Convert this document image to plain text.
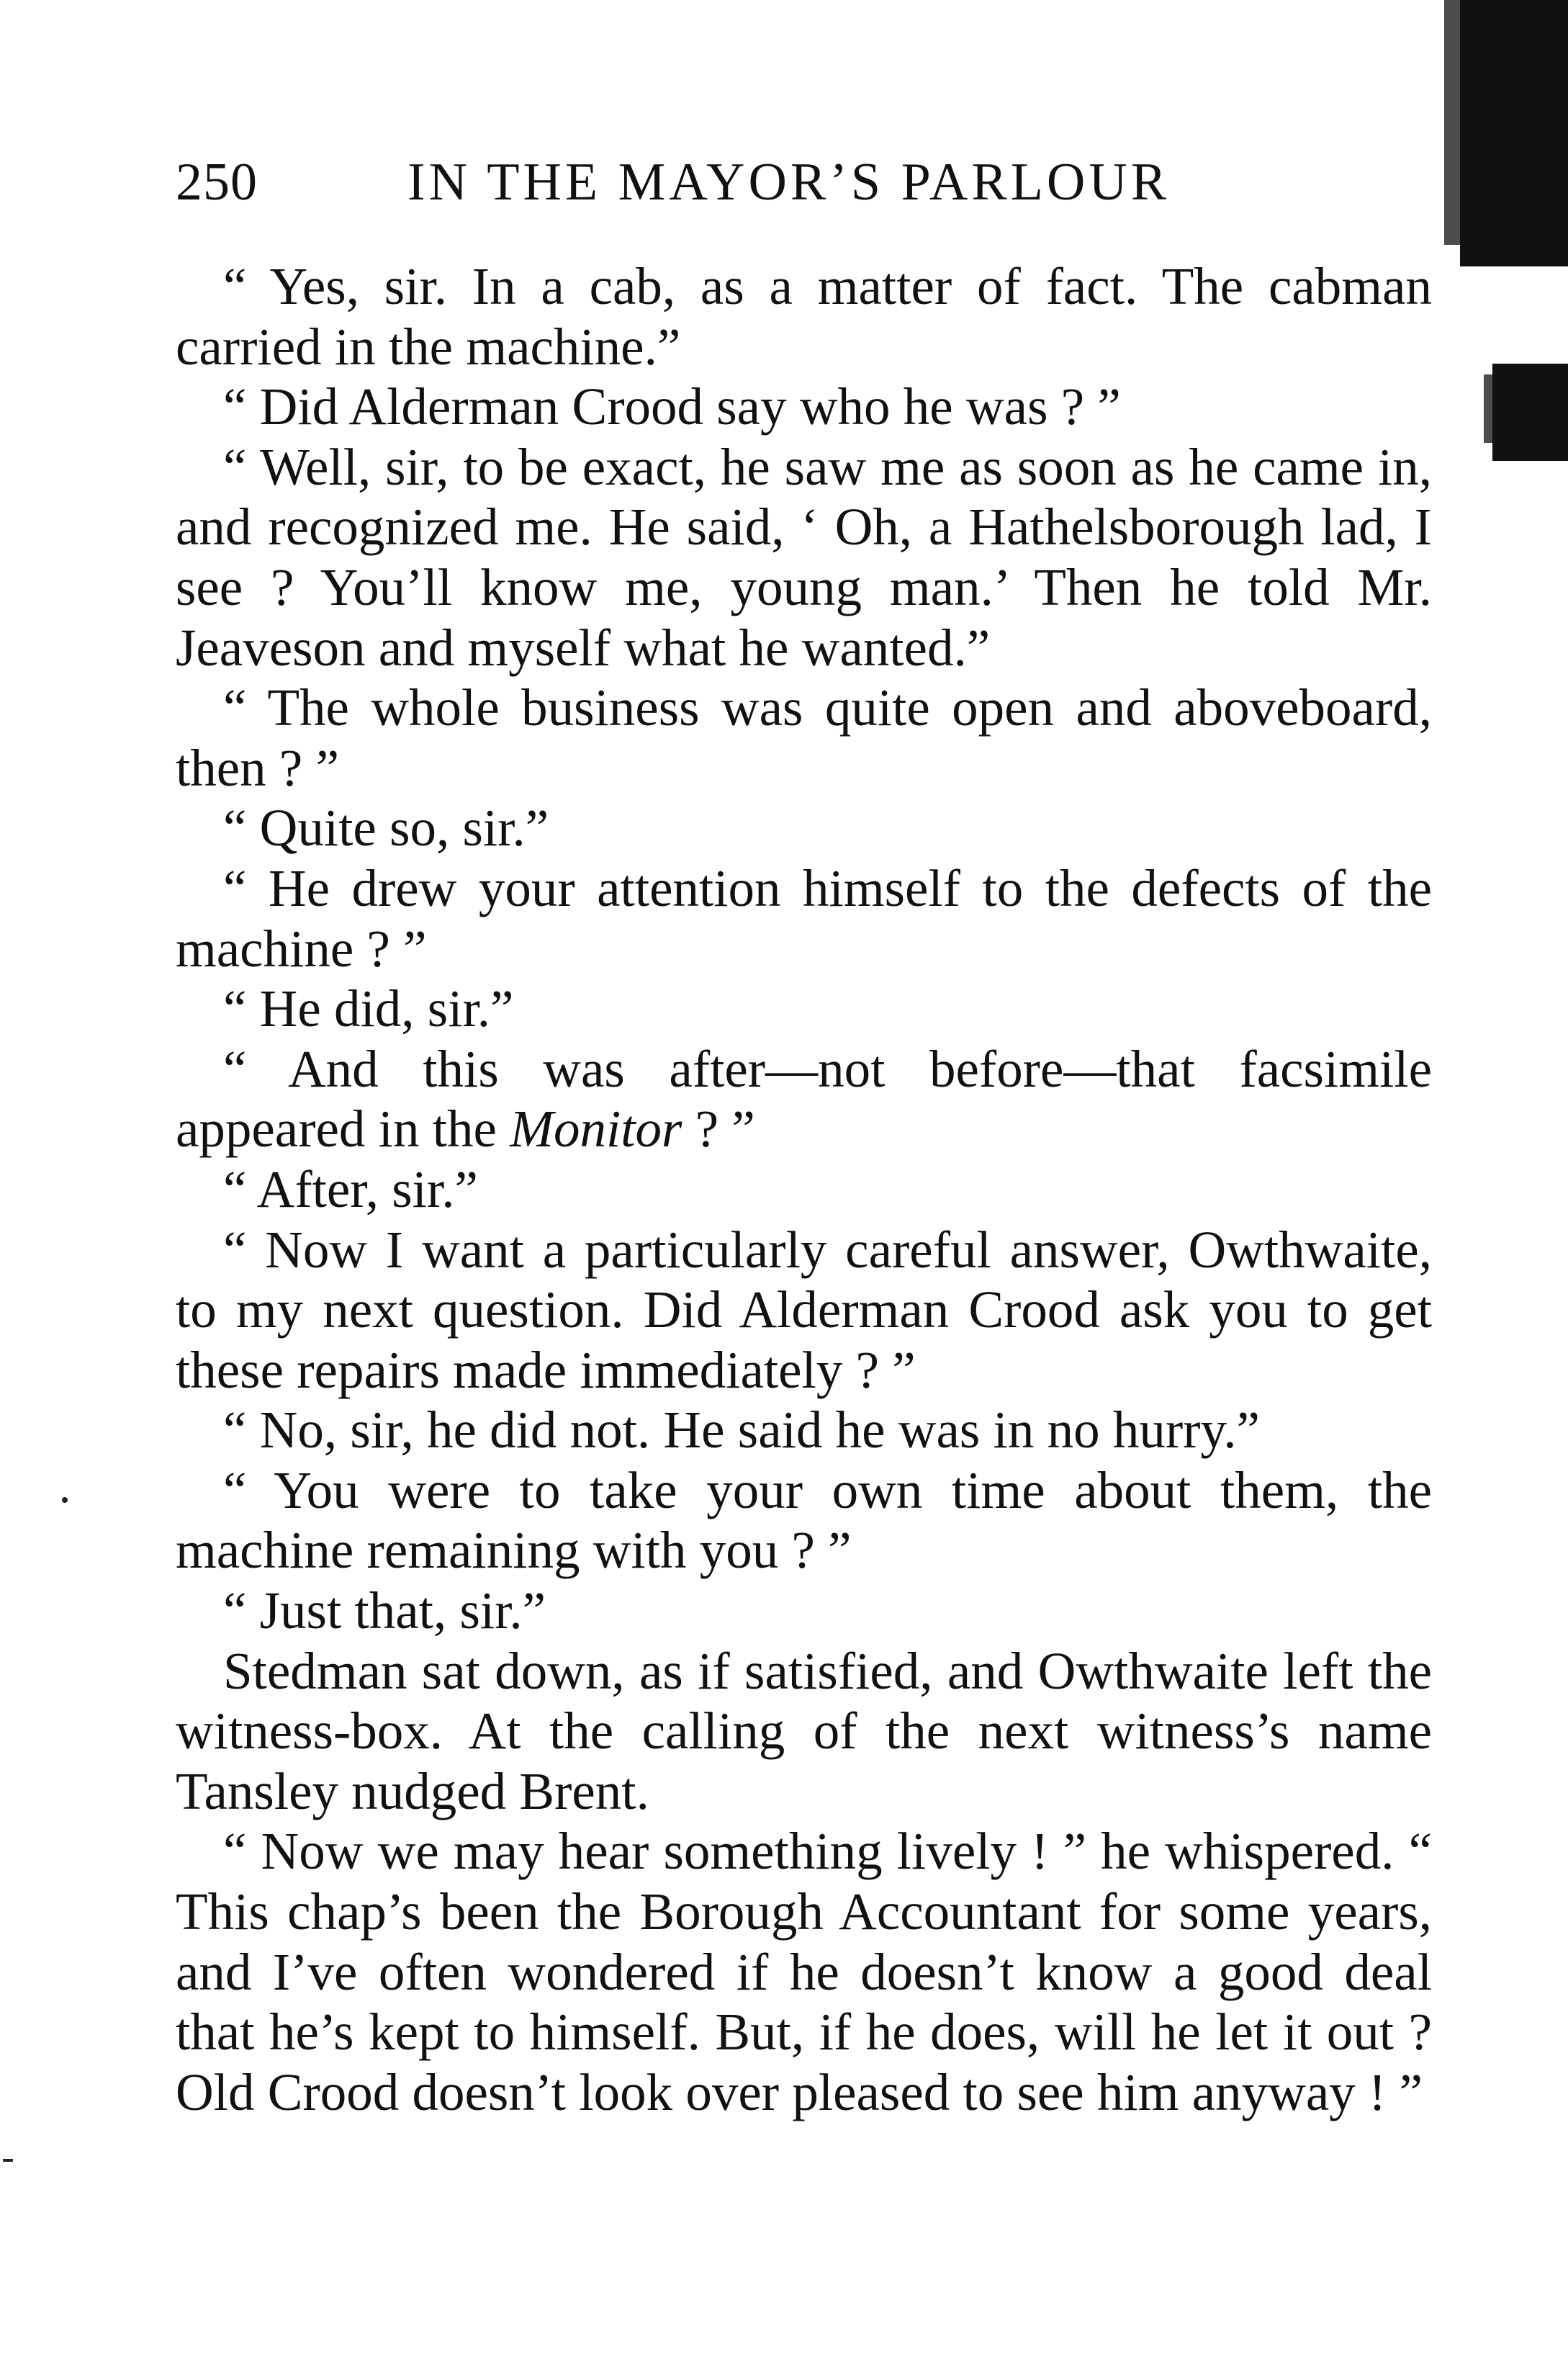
250	IN THE MAYOR’S PARLOUR

“ Yes, sir. In a cab, as a matter of fact. The cabman carried in the machine.”

“ Did Alderman Crood say who he was ? ”

“ Well, sir, to be exact, he saw me as soon as he came in, and recognized me. He said, ‘ Oh, a Hathelsborough lad, I see ? You’ll know me, young man.’ Then he told Mr. Jeaveson and myself what he wanted.”

“ The whole business was quite open and aboveboard, then ? ”

“ Quite so, sir.”

“ He drew your attention himself to the defects of the machine ? ”

“ He did, sir.”

“ And this was after—not before—that facsimile appeared in the Monitor ? ”

“ After, sir.”

“ Now I want a particularly careful answer, Owthwaite, to my next question. Did Alderman Crood ask you to get these repairs made immediately ? ”

“ No, sir, he did not. He said he was in no hurry.”

“ You were to take your own time about them, the machine remaining with you ? ”

“ Just that, sir.”

Stedman sat down, as if satisfied, and Owthwaite left the witness-box. At the calling of the next witness’s name Tansley nudged Brent.

“ Now we may hear something lively ! ” he whispered. “ This chap’s been the Borough Accountant for some years, and I’ve often wondered if he doesn’t know a good deal that he’s kept to himself. But, if he does, will he let it out ? Old Crood doesn’t look over pleased to see him anyway ! ”
